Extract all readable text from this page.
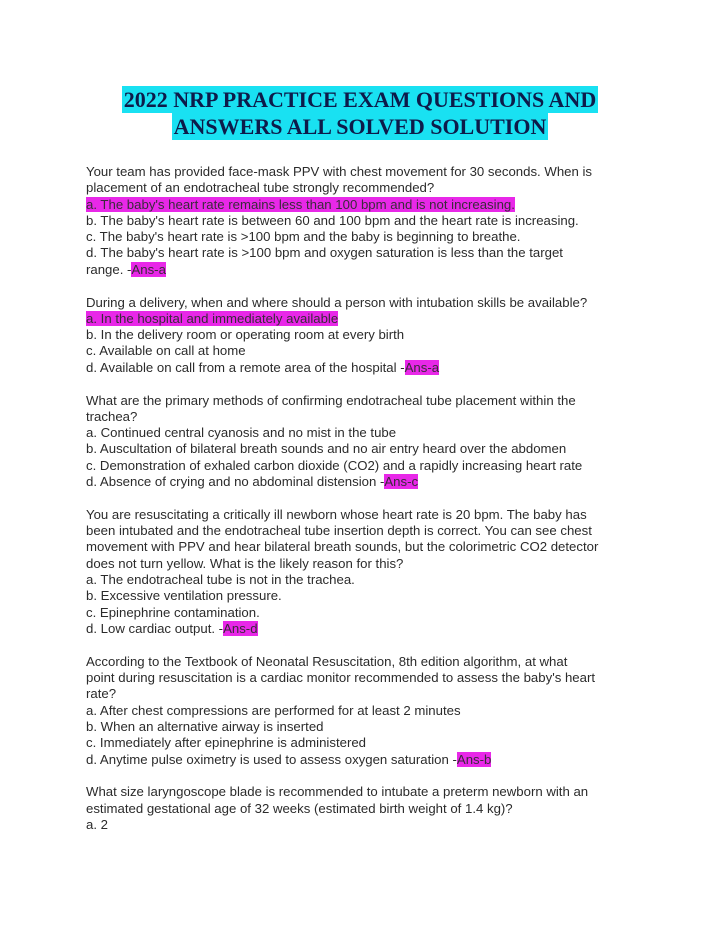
2022 NRP PRACTICE EXAM QUESTIONS AND
ANSWERS ALL SOLVED SOLUTION
Your team has provided face-mask PPV with chest movement for 30 seconds. When is
placement of an endotracheal tube strongly recommended?
a. The baby's heart rate remains less than 100 bpm and is not increasing.
b. The baby's heart rate is between 60 and 100 bpm and the heart rate is increasing.
c. The baby's heart rate is >100 bpm and the baby is beginning to breathe.
d. The baby's heart rate is >100 bpm and oxygen saturation is less than the target
range. -Ans-a
During a delivery, when and where should a person with intubation skills be available?
a. In the hospital and immediately available
b. In the delivery room or operating room at every birth
c. Available on call at home
d. Available on call from a remote area of the hospital -Ans-a
What are the primary methods of confirming endotracheal tube placement within the
trachea?
a. Continued central cyanosis and no mist in the tube
b. Auscultation of bilateral breath sounds and no air entry heard over the abdomen
c. Demonstration of exhaled carbon dioxide (CO2) and a rapidly increasing heart rate
d. Absence of crying and no abdominal distension -Ans-c
You are resuscitating a critically ill newborn whose heart rate is 20 bpm. The baby has
been intubated and the endotracheal tube insertion depth is correct. You can see chest
movement with PPV and hear bilateral breath sounds, but the colorimetric CO2 detector
does not turn yellow. What is the likely reason for this?
a. The endotracheal tube is not in the trachea.
b. Excessive ventilation pressure.
c. Epinephrine contamination.
d. Low cardiac output. -Ans-d
According to the Textbook of Neonatal Resuscitation, 8th edition algorithm, at what
point during resuscitation is a cardiac monitor recommended to assess the baby's heart
rate?
a. After chest compressions are performed for at least 2 minutes
b. When an alternative airway is inserted
c. Immediately after epinephrine is administered
d. Anytime pulse oximetry is used to assess oxygen saturation -Ans-b
What size laryngoscope blade is recommended to intubate a preterm newborn with an
estimated gestational age of 32 weeks (estimated birth weight of 1.4 kg)?
a. 2
